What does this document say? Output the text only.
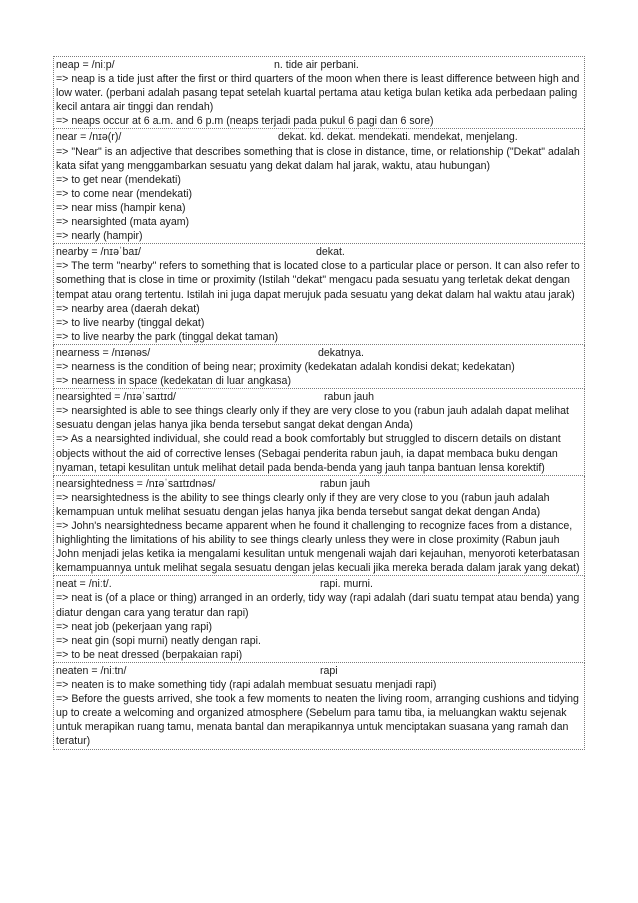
neap = /niːp/	n. tide air perbani.
=> neap is a tide just after the first or third quarters of the moon when there is least difference between high and low water. (perbani adalah pasang tepat setelah kuartal pertama atau ketiga bulan ketika ada perbedaan paling kecil antara air tinggi dan rendah)
=> neaps occur at 6 a.m. and 6 p.m (neaps terjadi pada pukul 6 pagi dan 6 sore)
near = /nɪə(r)/	dekat. kd. dekat. mendekati. mendekat, menjelang.
=> "Near" is an adjective that describes something that is close in distance, time, or relationship ("Dekat" adalah kata sifat yang menggambarkan sesuatu yang dekat dalam hal jarak, waktu, atau hubungan)
=> to get near (mendekati)
=> to come near (mendekati)
=> near miss (hampir kena)
=> nearsighted (mata ayam)
=> nearly (hampir)
nearby = /nɪəˈbaɪ/	dekat.
=> The term "nearby" refers to something that is located close to a particular place or person. It can also refer to something that is close in time or proximity (Istilah "dekat" mengacu pada sesuatu yang terletak dekat dengan tempat atau orang tertentu. Istilah ini juga dapat merujuk pada sesuatu yang dekat dalam hal waktu atau jarak)
=> nearby area (daerah dekat)
=> to live nearby (tinggal dekat)
=> to live nearby the park (tinggal dekat taman)
nearness = /nɪənəs/	dekatnya.
=> nearness is the condition of being near; proximity (kedekatan adalah kondisi dekat; kedekatan)
=> nearness in space (kedekatan di luar angkasa)
nearsighted = /nɪəˈsaɪtɪd/	rabun jauh
=> nearsighted is able to see things clearly only if they are very close to you (rabun jauh adalah dapat melihat sesuatu dengan jelas hanya jika benda tersebut sangat dekat dengan Anda)
=> As a nearsighted individual, she could read a book comfortably but struggled to discern details on distant objects without the aid of corrective lenses (Sebagai penderita rabun jauh, ia dapat membaca buku dengan nyaman, tetapi kesulitan untuk melihat detail pada benda-benda yang jauh tanpa bantuan lensa korektif)
nearsightedness = /nɪəˈsaɪtɪdnəs/	rabun jauh
=> nearsightedness is the ability to see things clearly only if they are very close to you (rabun jauh adalah kemampuan untuk melihat sesuatu dengan jelas hanya jika benda tersebut sangat dekat dengan Anda)
=> John's nearsightedness became apparent when he found it challenging to recognize faces from a distance, highlighting the limitations of his ability to see things clearly unless they were in close proximity (Rabun jauh John menjadi jelas ketika ia mengalami kesulitan untuk mengenali wajah dari kejauhan, menyoroti keterbatasan kemampuannya untuk melihat segala sesuatu dengan jelas kecuali jika mereka berada dalam jarak yang dekat)
neat = /niːt/.	rapi. murni.
=> neat is (of a place or thing) arranged in an orderly, tidy way (rapi adalah (dari suatu tempat atau benda) yang diatur dengan cara yang teratur dan rapi)
=> neat job (pekerjaan yang rapi)
=> neat gin (sopi murni) neatly dengan rapi.
=> to be neat dressed (berpakaian rapi)
neaten = /niːtn/	rapi
=> neaten is to make something tidy (rapi adalah membuat sesuatu menjadi rapi)
=> Before the guests arrived, she took a few moments to neaten the living room, arranging cushions and tidying up to create a welcoming and organized atmosphere (Sebelum para tamu tiba, ia meluangkan waktu sejenak untuk merapikan ruang tamu, menata bantal dan merapikannya untuk menciptakan suasana yang ramah dan teratur)
